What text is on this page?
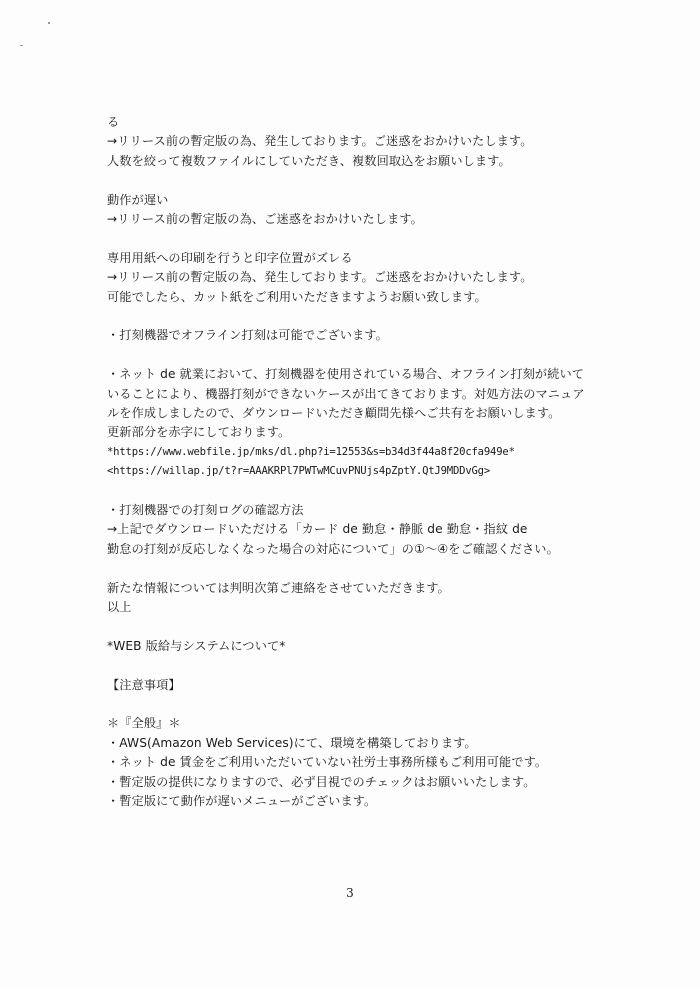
る
→リリース前の暫定版の為、発生しております。ご迷惑をおかけいたします。
人数を絞って複数ファイルにしていただき、複数回取込をお願いします。
動作が遅い
→リリース前の暫定版の為、ご迷惑をおかけいたします。
専用用紙への印刷を行うと印字位置がズレる
→リリース前の暫定版の為、発生しております。ご迷惑をおかけいたします。
可能でしたら、カット紙をご利用いただきますようお願い致します。
・打刻機器でオフライン打刻は可能でございます。
・ネット de 就業において、打刻機器を使用されている場合、オフライン打刻が続いて
いることにより、機器打刻ができないケースが出てきております。対処方法のマニュア
ルを作成しましたので、ダウンロードいただき顧問先様へご共有をお願いします。
更新部分を赤字にしております。
*https://www.webfile.jp/mks/dl.php?i=12553&s=b34d3f44a8f20cfa949e*
<https://willap.jp/t?r=AAAKRPl7PWTwMCuvPNUjs4pZptY.QtJ9MDDvGg>
・打刻機器での打刻ログの確認方法
→上記でダウンロードいただける「カード de 勤怠・静脈 de 勤怠・指紋 de
勤怠の打刻が反応しなくなった場合の対応について」の①～④をご確認ください。
新たな情報については判明次第ご連絡をさせていただきます。
以上
*WEB 版給与システムについて*
【注意事項】
＊『全般』＊
・AWS(Amazon Web Services)にて、環境を構築しております。
・ネット de 賃金をご利用いただいていない社労士事務所様もご利用可能です。
・暫定版の提供になりますので、必ず目視でのチェックはお願いいたします。
・暫定版にて動作が遅いメニューがございます。
3
